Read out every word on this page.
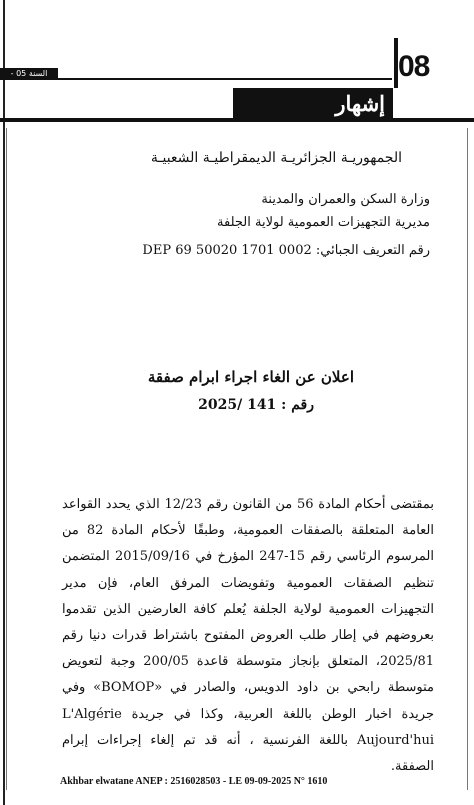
السنة 05 -	08
إشهار
الجمهوريـة الجزائريـة الديمقراطيـة الشعبيـة
وزارة السكن والعمران والمدينة
مديرية التجهيزات العمومية لولاية الجلفة
رقم التعريف الجبائي: 0002 1701 50020 69 DEP
اعلان عن الغاء اجراء ابرام صفقة
رقم : 141 /2025

بمقتضى أحكام المادة 56 من القانون رقم 12/23 الذي يحدد القواعد العامة المتعلقة بالصفقات العمومية، وطبقًا لأحكام المادة 82 من المرسوم الرئاسي رقم 15-247 المؤرخ في 2015/09/16 المتضمن تنظيم الصفقات العمومية وتفويضات المرفق العام، فإن مدير التجهيزات العمومية لولاية الجلفة يُعلم كافة العارضين الذين تقدموا بعروضهم في إطار طلب العروض المفتوح باشتراط قدرات دنيا رقم 2025/81، المتعلق بإنجاز متوسطة قاعدة 200/05 وجبة لتعويض متوسطة رابحي بن داود الدويس، والصادر في «BOMOP» وفي جريدة اخبار الوطن باللغة العربية، وكذا في جريدة L'Algérie Aujourd'hui باللغة الفرنسية ، أنه قد تم إلغاء إجراءات إبرام الصفقة.

Akhbar elwatane ANEP : 2516028503 - LE 09-09-2025 N° 1610
